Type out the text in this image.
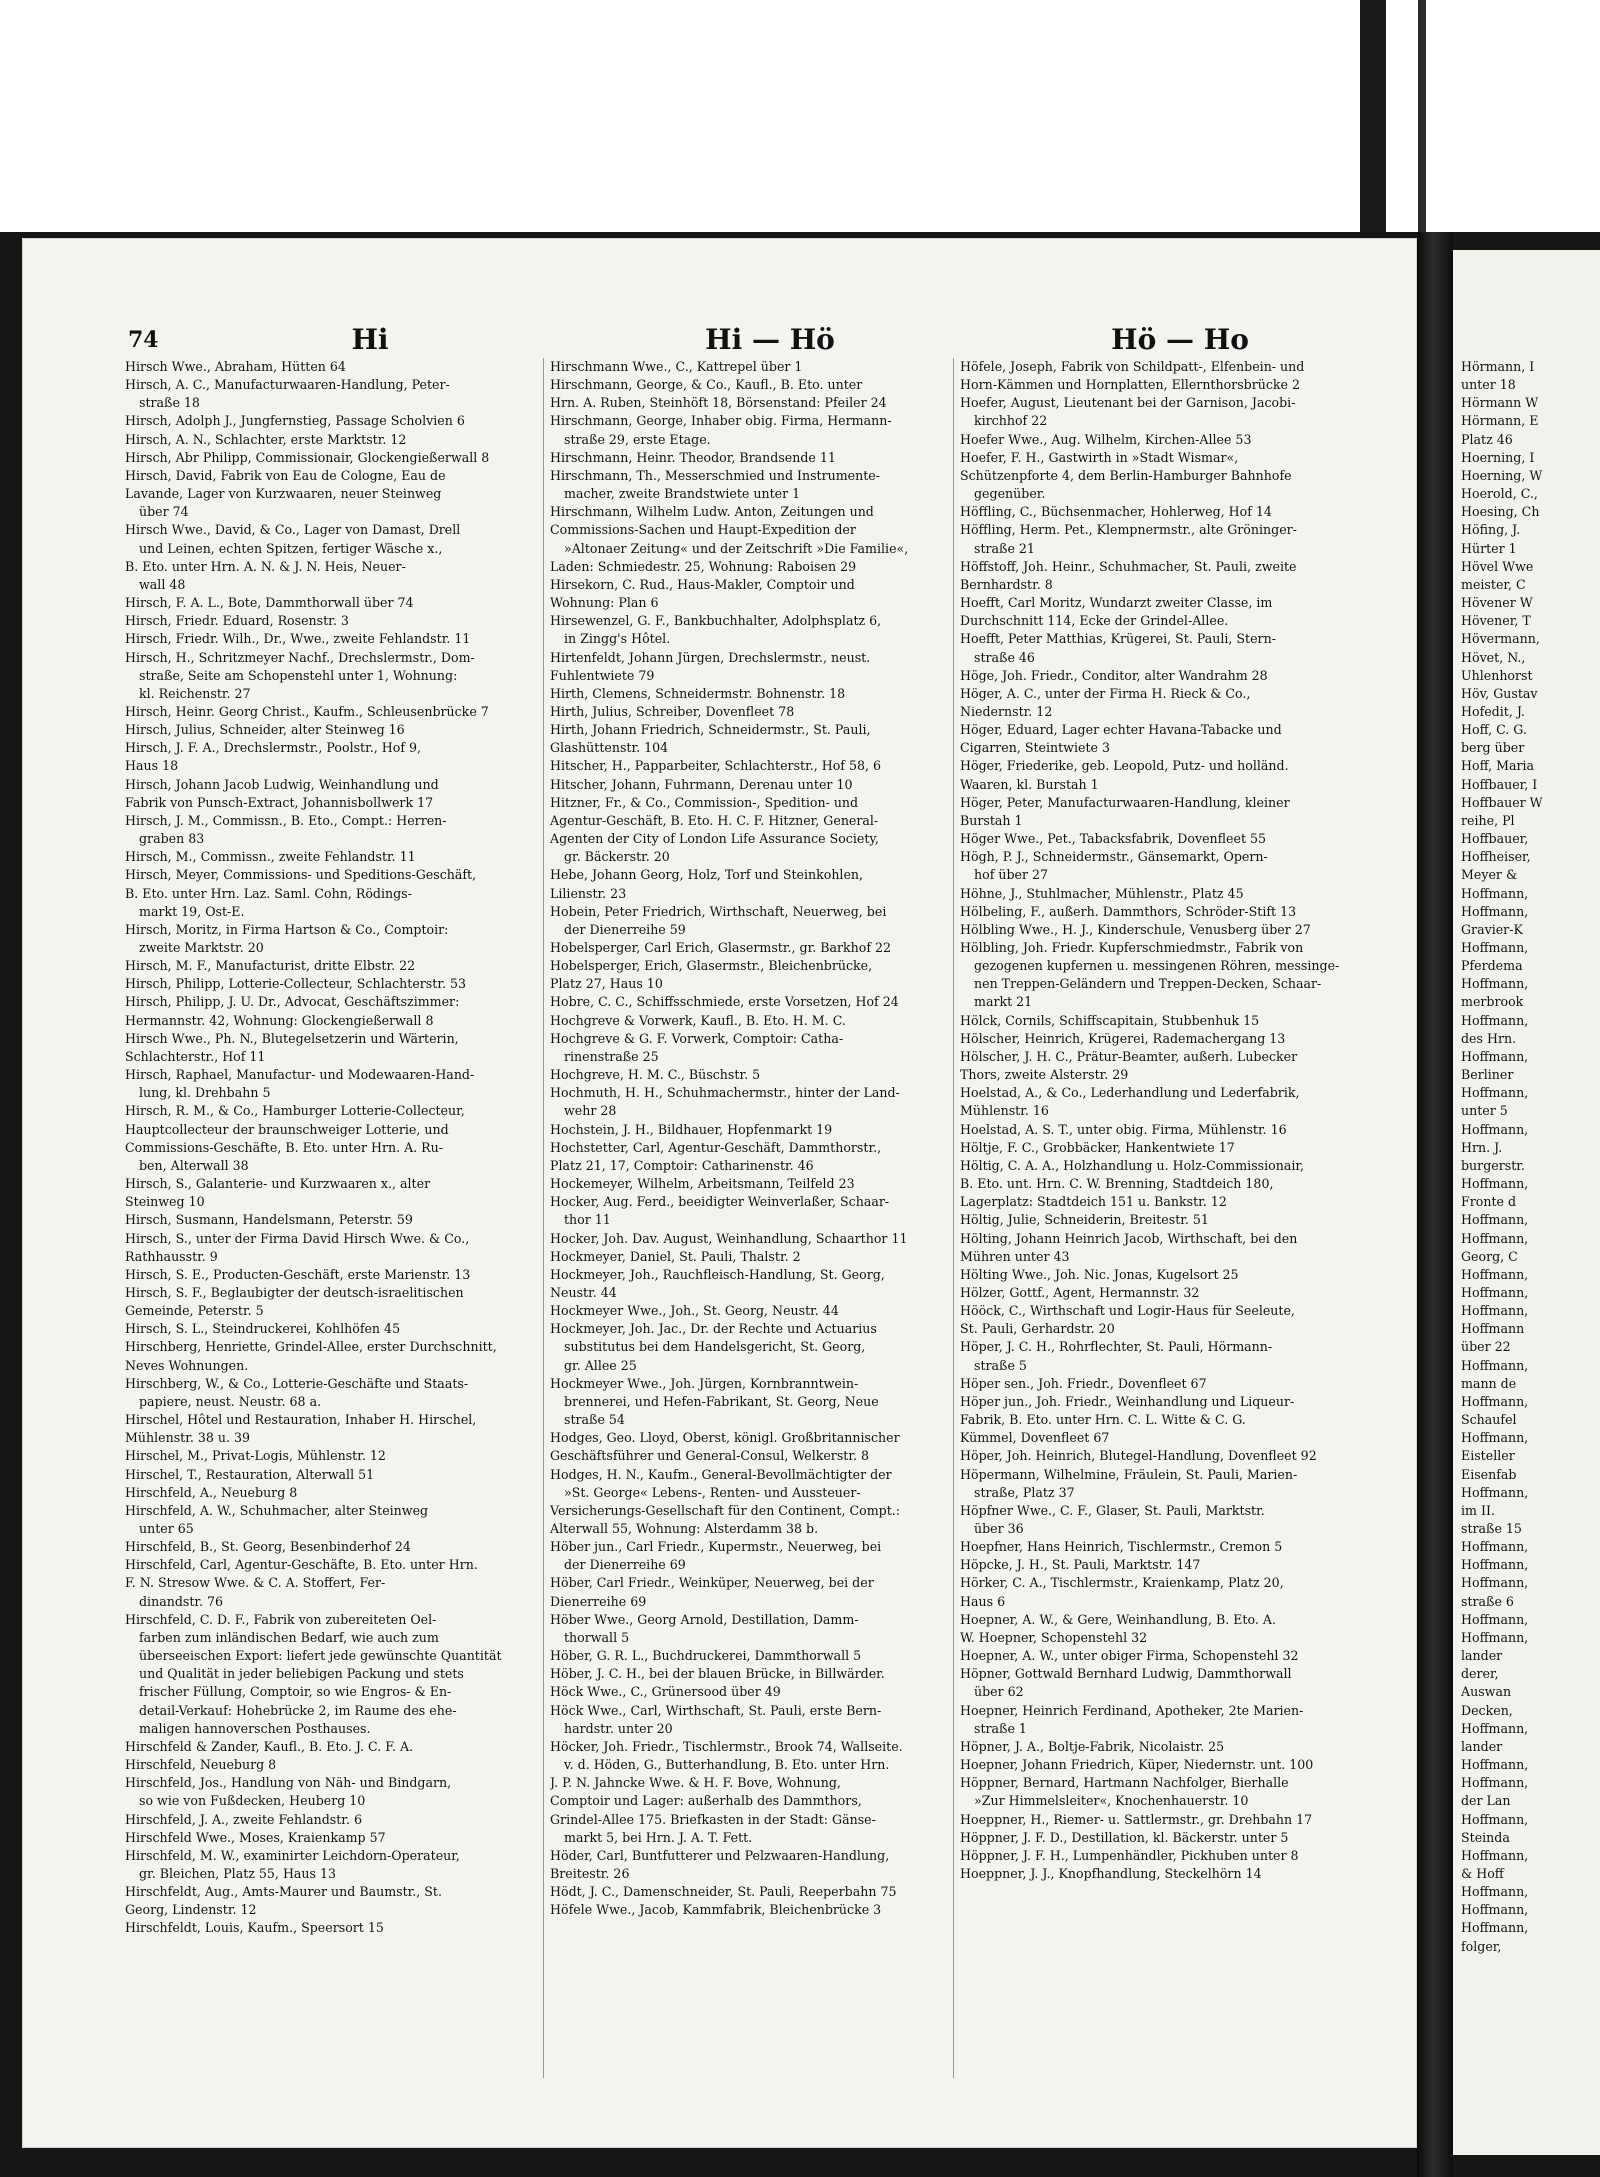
Hörmann, I
unter 18
Hörmann W
Hörmann, E
Platz 46
Hoerning, I
Hoerning, W
Hoerold, C.,
Hoesing, Ch
Höfing, J.
Hürter 1
Hövel Wwe
meister, C
Hövener W
Hövener, T
Hövermann,
Hövet, N.,
Uhlenhorst
Höv, Gustav
Hofedit, J.
Hoff, C. G.
berg über
Hoff, Maria
Hoffbauer, I
Hoffbauer W
reihe, Pl
Hoffbauer,
Hoffheiser,
Meyer &
Hoffmann,
Hoffmann,
Gravier-K
Hoffmann,
Pferdema
Hoffmann,
merbrook
Hoffmann,
des Hrn.
Hoffmann,
Berliner
Hoffmann,
unter 5
Hoffmann,
Hrn. J.
burgerstr.
Hoffmann,
Fronte d
Hoffmann,
Hoffmann,
Georg, C
Hoffmann,
Hoffmann,
Hoffmann,
Hoffmann
über 22
Hoffmann,
mann de
Hoffmann,
Schaufel
Hoffmann,
Eisteller
Eisenfab
Hoffmann,
im II.
straße 15
Hoffmann,
Hoffmann,
Hoffmann,
straße 6
Hoffmann,
Hoffmann,
lander
derer,
Auswan
Decken,
Hoffmann,
lander
Hoffmann,
Hoffmann,
der Lan
Hoffmann,
Steinda
Hoffmann,
& Hoff
Hoffmann,
Hoffmann,
Hoffmann,
folger,
74	Hi	Hi — Hö	Hö — Ho
Hirsch Wwe., Abraham, Hütten 64
Hirsch, A. C., Manufacturwaaren-Handlung, Peter-
straße 18
Hirsch, Adolph J., Jungfernstieg, Passage Scholvien 6
Hirsch, A. N., Schlachter, erste Marktstr. 12
Hirsch, Abr Philipp, Commissionair, Glockengießerwall 8
Hirsch, David, Fabrik von Eau de Cologne, Eau de
Lavande, Lager von Kurzwaaren, neuer Steinweg
über 74
Hirsch Wwe., David, & Co., Lager von Damast, Drell
und Leinen, echten Spitzen, fertiger Wäsche x.,
B. Eto. unter Hrn. A. N. & J. N. Heis, Neuer-
wall 48
Hirsch, F. A. L., Bote, Dammthorwall über 74
Hirsch, Friedr. Eduard, Rosenstr. 3
Hirsch, Friedr. Wilh., Dr., Wwe., zweite Fehlandstr. 11
Hirsch, H., Schritzmeyer Nachf., Drechslermstr., Dom-
straße, Seite am Schopenstehl unter 1, Wohnung:
kl. Reichenstr. 27
Hirsch, Heinr. Georg Christ., Kaufm., Schleusenbrücke 7
Hirsch, Julius, Schneider, alter Steinweg 16
Hirsch, J. F. A., Drechslermstr., Poolstr., Hof 9,
Haus 18
Hirsch, Johann Jacob Ludwig, Weinhandlung und
Fabrik von Punsch-Extract, Johannisbollwerk 17
Hirsch, J. M., Commissn., B. Eto., Compt.: Herren-
graben 83
Hirsch, M., Commissn., zweite Fehlandstr. 11
Hirsch, Meyer, Commissions- und Speditions-Geschäft,
B. Eto. unter Hrn. Laz. Saml. Cohn, Rödings-
markt 19, Ost-E.
Hirsch, Moritz, in Firma Hartson & Co., Comptoir:
zweite Marktstr. 20
Hirsch, M. F., Manufacturist, dritte Elbstr. 22
Hirsch, Philipp, Lotterie-Collecteur, Schlachterstr. 53
Hirsch, Philipp, J. U. Dr., Advocat, Geschäftszimmer:
Hermannstr. 42, Wohnung: Glockengießerwall 8
Hirsch Wwe., Ph. N., Blutegelsetzerin und Wärterin,
Schlachterstr., Hof 11
Hirsch, Raphael, Manufactur- und Modewaaren-Hand-
lung, kl. Drehbahn 5
Hirsch, R. M., & Co., Hamburger Lotterie-Collecteur,
Hauptcollecteur der braunschweiger Lotterie, und
Commissions-Geschäfte, B. Eto. unter Hrn. A. Ru-
ben, Alterwall 38
Hirsch, S., Galanterie- und Kurzwaaren x., alter
Steinweg 10
Hirsch, Susmann, Handelsmann, Peterstr. 59
Hirsch, S., unter der Firma David Hirsch Wwe. & Co.,
Rathhausstr. 9
Hirsch, S. E., Producten-Geschäft, erste Marienstr. 13
Hirsch, S. F., Beglaubigter der deutsch-israelitischen
Gemeinde, Peterstr. 5
Hirsch, S. L., Steindruckerei, Kohlhöfen 45
Hirschberg, Henriette, Grindel-Allee, erster Durchschnitt,
Neves Wohnungen.
Hirschberg, W., & Co., Lotterie-Geschäfte und Staats-
papiere, neust. Neustr. 68 a.
Hirschel, Hôtel und Restauration, Inhaber H. Hirschel,
Mühlenstr. 38 u. 39
Hirschel, M., Privat-Logis, Mühlenstr. 12
Hirschel, T., Restauration, Alterwall 51
Hirschfeld, A., Neueburg 8
Hirschfeld, A. W., Schuhmacher, alter Steinweg
unter 65
Hirschfeld, B., St. Georg, Besenbinderhof 24
Hirschfeld, Carl, Agentur-Geschäfte, B. Eto. unter Hrn.
F. N. Stresow Wwe. & C. A. Stoffert, Fer-
dinandstr. 76
Hirschfeld, C. D. F., Fabrik von zubereiteten Oel-
farben zum inländischen Bedarf, wie auch zum
überseeischen Export: liefert jede gewünschte Quantität
und Qualität in jeder beliebigen Packung und stets
frischer Füllung, Comptoir, so wie Engros- & En-
detail-Verkauf: Hohebrücke 2, im Raume des ehe-
maligen hannoverschen Posthauses.
Hirschfeld & Zander, Kaufl., B. Eto. J. C. F. A.
Hirschfeld, Neueburg 8
Hirschfeld, Jos., Handlung von Näh- und Bindgarn,
so wie von Fußdecken, Heuberg 10
Hirschfeld, J. A., zweite Fehlandstr. 6
Hirschfeld Wwe., Moses, Kraienkamp 57
Hirschfeld, M. W., examinirter Leichdorn-Operateur,
gr. Bleichen, Platz 55, Haus 13
Hirschfeldt, Aug., Amts-Maurer und Baumstr., St.
Georg, Lindenstr. 12
Hirschfeldt, Louis, Kaufm., Speersort 15
Hirschmann Wwe., C., Kattrepel über 1
Hirschmann, George, & Co., Kaufl., B. Eto. unter
Hrn. A. Ruben, Steinhöft 18, Börsenstand: Pfeiler 24
Hirschmann, George, Inhaber obig. Firma, Hermann-
straße 29, erste Etage.
Hirschmann, Heinr. Theodor, Brandsende 11
Hirschmann, Th., Messerschmied und Instrumente-
macher, zweite Brandstwiete unter 1
Hirschmann, Wilhelm Ludw. Anton, Zeitungen und
Commissions-Sachen und Haupt-Expedition der
»Altonaer Zeitung« und der Zeitschrift »Die Familie«,
Laden: Schmiedestr. 25, Wohnung: Raboisen 29
Hirsekorn, C. Rud., Haus-Makler, Comptoir und
Wohnung: Plan 6
Hirsewenzel, G. F., Bankbuchhalter, Adolphsplatz 6,
in Zingg's Hôtel.
Hirtenfeldt, Johann Jürgen, Drechslermstr., neust.
Fuhlentwiete 79
Hirth, Clemens, Schneidermstr. Bohnenstr. 18
Hirth, Julius, Schreiber, Dovenfleet 78
Hirth, Johann Friedrich, Schneidermstr., St. Pauli,
Glashüttenstr. 104
Hitscher, H., Papparbeiter, Schlachterstr., Hof 58, 6
Hitscher, Johann, Fuhrmann, Derenau unter 10
Hitzner, Fr., & Co., Commission-, Spedition- und
Agentur-Geschäft, B. Eto. H. C. F. Hitzner, General-
Agenten der City of London Life Assurance Society,
gr. Bäckerstr. 20
Hebe, Johann Georg, Holz, Torf und Steinkohlen,
Lilienstr. 23
Hobein, Peter Friedrich, Wirthschaft, Neuerweg, bei
der Dienerreihe 59
Hobelsperger, Carl Erich, Glasermstr., gr. Barkhof 22
Hobelsperger, Erich, Glasermstr., Bleichenbrücke,
Platz 27, Haus 10
Hobre, C. C., Schiffsschmiede, erste Vorsetzen, Hof 24
Hochgreve & Vorwerk, Kaufl., B. Eto. H. M. C.
Hochgreve & G. F. Vorwerk, Comptoir: Catha-
rinenstraße 25
Hochgreve, H. M. C., Büschstr. 5
Hochmuth, H. H., Schuhmachermstr., hinter der Land-
wehr 28
Hochstein, J. H., Bildhauer, Hopfenmarkt 19
Hochstetter, Carl, Agentur-Geschäft, Dammthorstr.,
Platz 21, 17, Comptoir: Catharinenstr. 46
Hockemeyer, Wilhelm, Arbeitsmann, Teilfeld 23
Hocker, Aug. Ferd., beeidigter Weinverlaßer, Schaar-
thor 11
Hocker, Joh. Dav. August, Weinhandlung, Schaarthor 11
Hockmeyer, Daniel, St. Pauli, Thalstr. 2
Hockmeyer, Joh., Rauchfleisch-Handlung, St. Georg,
Neustr. 44
Hockmeyer Wwe., Joh., St. Georg, Neustr. 44
Hockmeyer, Joh. Jac., Dr. der Rechte und Actuarius
substitutus bei dem Handelsgericht, St. Georg,
gr. Allee 25
Hockmeyer Wwe., Joh. Jürgen, Kornbranntwein-
brennerei, und Hefen-Fabrikant, St. Georg, Neue
straße 54
Hodges, Geo. Lloyd, Oberst, königl. Großbritannischer
Geschäftsführer und General-Consul, Welkerstr. 8
Hodges, H. N., Kaufm., General-Bevollmächtigter der
»St. George« Lebens-, Renten- und Aussteuer-
Versicherungs-Gesellschaft für den Continent, Compt.:
Alterwall 55, Wohnung: Alsterdamm 38 b.
Höber jun., Carl Friedr., Kupermstr., Neuerweg, bei
der Dienerreihe 69
Höber, Carl Friedr., Weinküper, Neuerweg, bei der
Dienerreihe 69
Höber Wwe., Georg Arnold, Destillation, Damm-
thorwall 5
Höber, G. R. L., Buchdruckerei, Dammthorwall 5
Höber, J. C. H., bei der blauen Brücke, in Billwärder.
Höck Wwe., C., Grünersood über 49
Höck Wwe., Carl, Wirthschaft, St. Pauli, erste Bern-
hardstr. unter 20
Höcker, Joh. Friedr., Tischlermstr., Brook 74, Wallseite.
v. d. Höden, G., Butterhandlung, B. Eto. unter Hrn.
J. P. N. Jahncke Wwe. & H. F. Bove, Wohnung,
Comptoir und Lager: außerhalb des Dammthors,
Grindel-Allee 175. Briefkasten in der Stadt: Gänse-
markt 5, bei Hrn. J. A. T. Fett.
Höder, Carl, Buntfutterer und Pelzwaaren-Handlung,
Breitestr. 26
Hödt, J. C., Damenschneider, St. Pauli, Reeperbahn 75
Höfele Wwe., Jacob, Kammfabrik, Bleichenbrücke 3
Höfele, Joseph, Fabrik von Schildpatt-, Elfenbein- und
Horn-Kämmen und Hornplatten, Ellernthorsbrücke 2
Hoefer, August, Lieutenant bei der Garnison, Jacobi-
kirchhof 22
Hoefer Wwe., Aug. Wilhelm, Kirchen-Allee 53
Hoefer, F. H., Gastwirth in »Stadt Wismar«,
Schützenpforte 4, dem Berlin-Hamburger Bahnhofe
gegenüber.
Höffling, C., Büchsenmacher, Hohlerweg, Hof 14
Höffling, Herm. Pet., Klempnermstr., alte Gröninger-
straße 21
Höffstoff, Joh. Heinr., Schuhmacher, St. Pauli, zweite
Bernhardstr. 8
Hoefft, Carl Moritz, Wundarzt zweiter Classe, im
Durchschnitt 114, Ecke der Grindel-Allee.
Hoefft, Peter Matthias, Krügerei, St. Pauli, Stern-
straße 46
Höge, Joh. Friedr., Conditor, alter Wandrahm 28
Höger, A. C., unter der Firma H. Rieck & Co.,
Niedernstr. 12
Höger, Eduard, Lager echter Havana-Tabacke und
Cigarren, Steintwiete 3
Höger, Friederike, geb. Leopold, Putz- und holländ.
Waaren, kl. Burstah 1
Höger, Peter, Manufacturwaaren-Handlung, kleiner
Burstah 1
Höger Wwe., Pet., Tabacksfabrik, Dovenfleet 55
Högh, P. J., Schneidermstr., Gänsemarkt, Opern-
hof über 27
Höhne, J., Stuhlmacher, Mühlenstr., Platz 45
Hölbeling, F., außerh. Dammthors, Schröder-Stift 13
Hölbling Wwe., H. J., Kinderschule, Venusberg über 27
Hölbling, Joh. Friedr. Kupferschmiedmstr., Fabrik von
gezogenen kupfernen u. messingenen Röhren, messinge-
nen Treppen-Geländern und Treppen-Decken, Schaar-
markt 21
Hölck, Cornils, Schiffscapitain, Stubbenhuk 15
Hölscher, Heinrich, Krügerei, Rademachergang 13
Hölscher, J. H. C., Prätur-Beamter, außerh. Lubecker
Thors, zweite Alsterstr. 29
Hoelstad, A., & Co., Lederhandlung und Lederfabrik,
Mühlenstr. 16
Hoelstad, A. S. T., unter obig. Firma, Mühlenstr. 16
Höltje, F. C., Grobbäcker, Hankentwiete 17
Höltig, C. A. A., Holzhandlung u. Holz-Commissionair,
B. Eto. unt. Hrn. C. W. Brenning, Stadtdeich 180,
Lagerplatz: Stadtdeich 151 u. Bankstr. 12
Höltig, Julie, Schneiderin, Breitestr. 51
Hölting, Johann Heinrich Jacob, Wirthschaft, bei den
Mühren unter 43
Hölting Wwe., Joh. Nic. Jonas, Kugelsort 25
Hölzer, Gottf., Agent, Hermannstr. 32
Hööck, C., Wirthschaft und Logir-Haus für Seeleute,
St. Pauli, Gerhardstr. 20
Höper, J. C. H., Rohrflechter, St. Pauli, Hörmann-
straße 5
Höper sen., Joh. Friedr., Dovenfleet 67
Höper jun., Joh. Friedr., Weinhandlung und Liqueur-
Fabrik, B. Eto. unter Hrn. C. L. Witte & C. G.
Kümmel, Dovenfleet 67
Höper, Joh. Heinrich, Blutegel-Handlung, Dovenfleet 92
Höpermann, Wilhelmine, Fräulein, St. Pauli, Marien-
straße, Platz 37
Höpfner Wwe., C. F., Glaser, St. Pauli, Marktstr.
über 36
Hoepfner, Hans Heinrich, Tischlermstr., Cremon 5
Höpcke, J. H., St. Pauli, Marktstr. 147
Hörker, C. A., Tischlermstr., Kraienkamp, Platz 20,
Haus 6
Hoepner, A. W., & Gere, Weinhandlung, B. Eto. A.
W. Hoepner, Schopenstehl 32
Hoepner, A. W., unter obiger Firma, Schopenstehl 32
Höpner, Gottwald Bernhard Ludwig, Dammthorwall
über 62
Hoepner, Heinrich Ferdinand, Apotheker, 2te Marien-
straße 1
Höpner, J. A., Boltje-Fabrik, Nicolaistr. 25
Hoepner, Johann Friedrich, Küper, Niedernstr. unt. 100
Höppner, Bernard, Hartmann Nachfolger, Bierhalle
»Zur Himmelsleiter«, Knochenhauerstr. 10
Hoeppner, H., Riemer- u. Sattlermstr., gr. Drehbahn 17
Höppner, J. F. D., Destillation, kl. Bäckerstr. unter 5
Höppner, J. F. H., Lumpenhändler, Pickhuben unter 8
Hoeppner, J. J., Knopfhandlung, Steckelhörn 14
